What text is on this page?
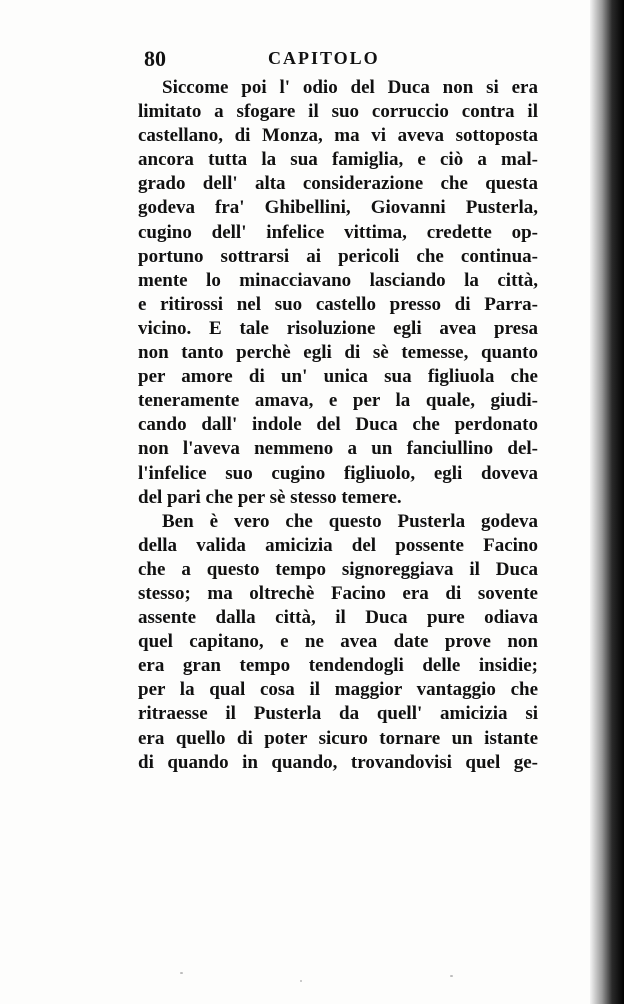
80	CAPITOLO
Siccome poi l' odio del Duca non si era
limitato a sfogare il suo corruccio contra il
castellano, di Monza, ma vi aveva sottoposta
ancora tutta la sua famiglia, e ciò a mal-
grado dell' alta considerazione che questa
godeva fra' Ghibellini, Giovanni Pusterla,
cugino dell' infelice vittima, credette op-
portuno sottrarsi ai pericoli che continua-
mente lo minacciavano lasciando la città,
e ritirossi nel suo castello presso di Parra-
vicino. E tale risoluzione egli avea presa
non tanto perchè egli di sè temesse, quanto
per amore di un' unica sua figliuola che
teneramente amava, e per la quale, giudi-
cando dall' indole del Duca che perdonato
non l'aveva nemmeno a un fanciullino del-
l'infelice suo cugino figliuolo, egli doveva
del pari che per sè stesso temere.
Ben è vero che questo Pusterla godeva
della valida amicizia del possente Facino
che a questo tempo signoreggiava il Duca
stesso; ma oltrechè Facino era di sovente
assente dalla città, il Duca pure odiava
quel capitano, e ne avea date prove non
era gran tempo tendendogli delle insidie;
per la qual cosa il maggior vantaggio che
ritraesse il Pusterla da quell' amicizia si
era quello di poter sicuro tornare un istante
di quando in quando, trovandovisi quel ge-
